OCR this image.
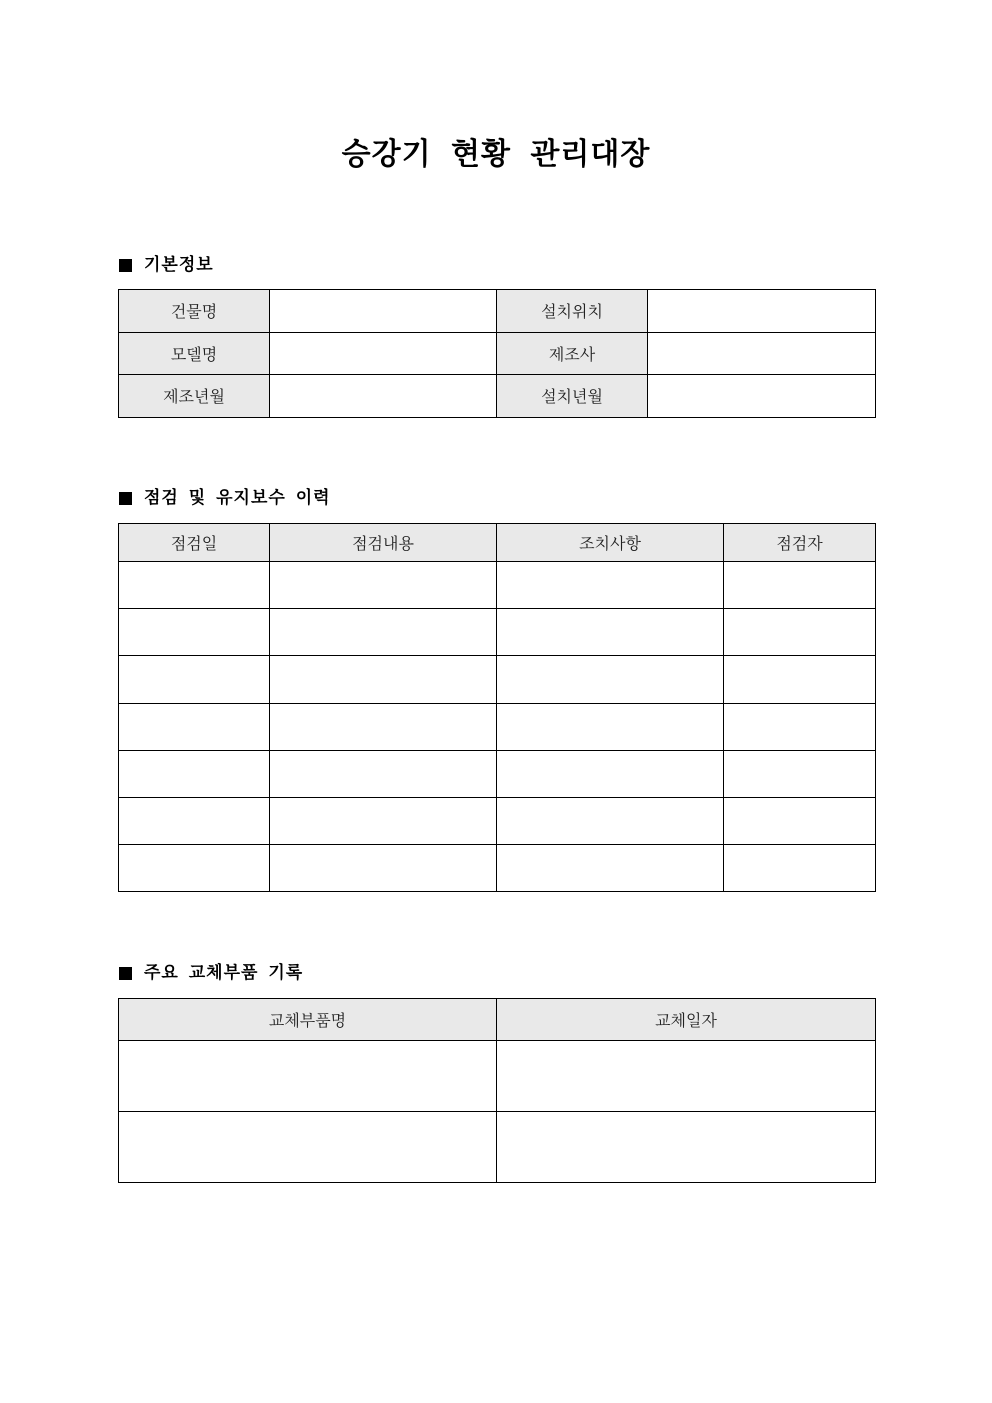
승강기 현황 관리대장
기본정보
건물명		설치위치	
모델명		제조사	
제조년월		설치년월	
점검 및 유지보수 이력
점검일	점검내용	조치사항	점검자

주요 교체부품 기록
교체부품명	교체일자
